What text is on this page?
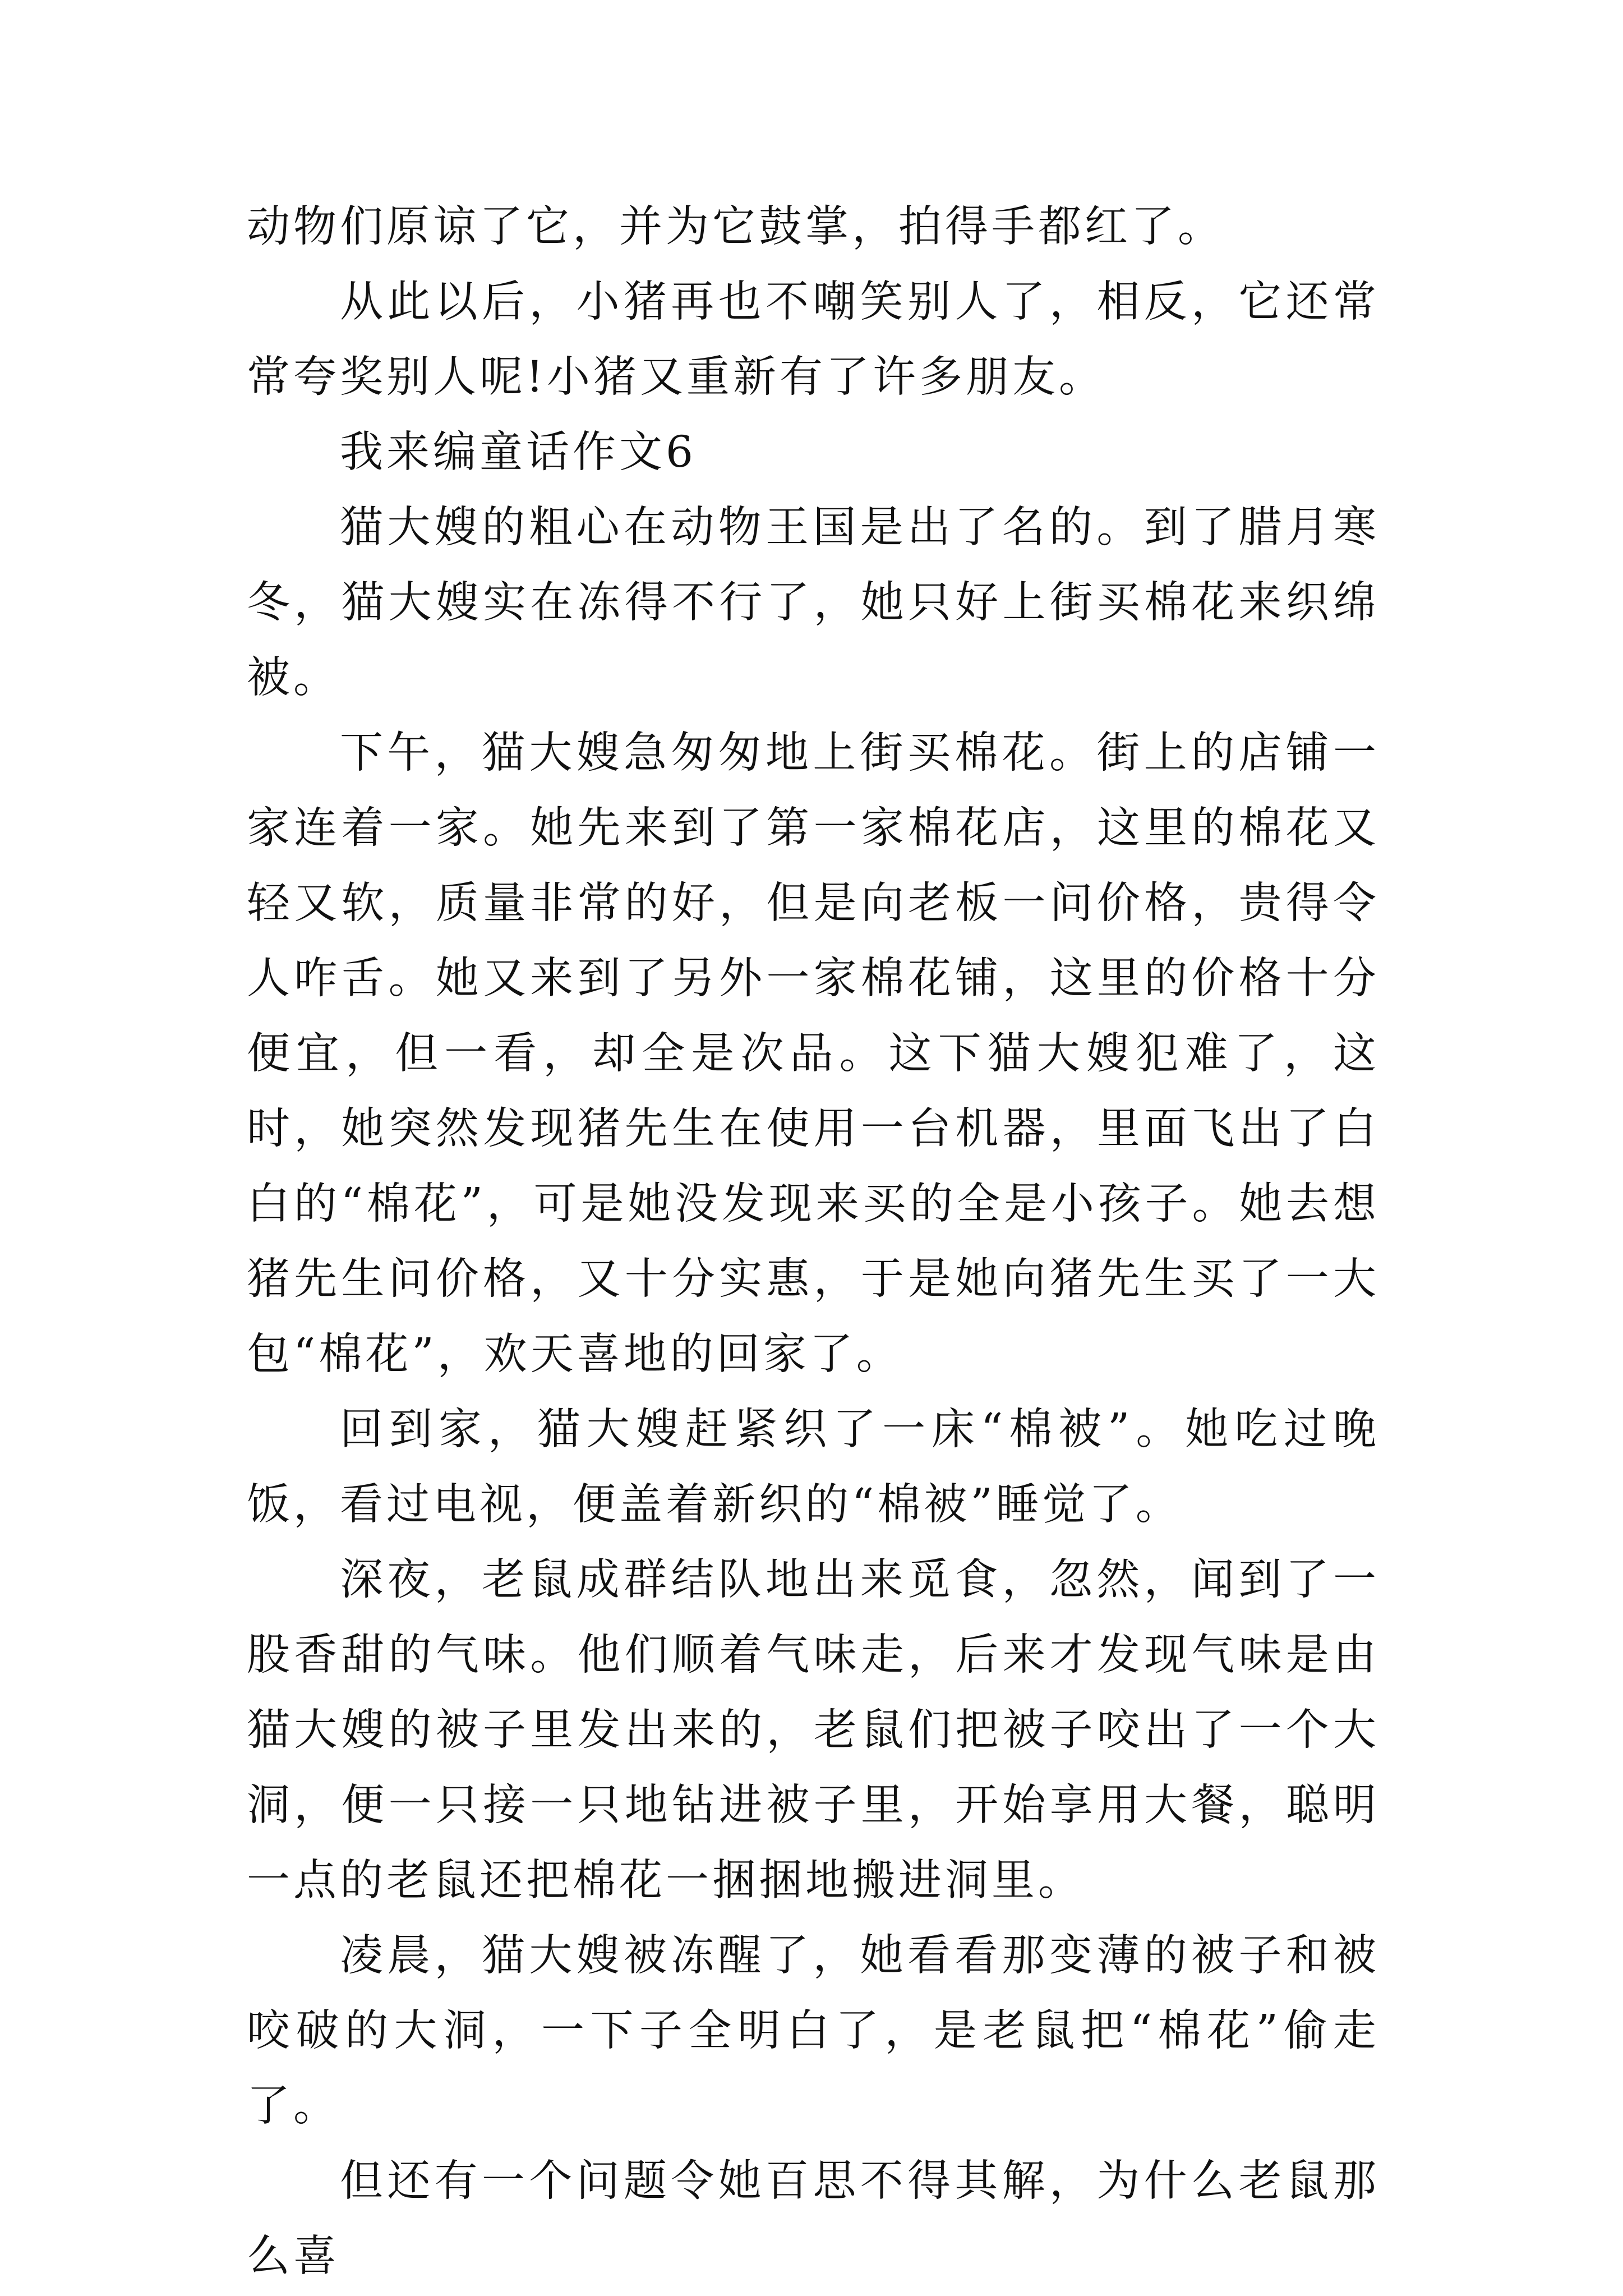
动物们原谅了它，并为它鼓掌，拍得手都红了。

从此以后，小猪再也不嘲笑别人了，相反，它还常常夸奖别人呢!小猪又重新有了许多朋友。

我来编童话作文6

猫大嫂的粗心在动物王国是出了名的。到了腊月寒冬，猫大嫂实在冻得不行了，她只好上街买棉花来织绵被。

下午，猫大嫂急匆匆地上街买棉花。街上的店铺一家连着一家。她先来到了第一家棉花店，这里的棉花又轻又软，质量非常的好，但是向老板一问价格，贵得令人咋舌。她又来到了另外一家棉花铺，这里的价格十分便宜，但一看，却全是次品。这下猫大嫂犯难了，这时，她突然发现猪先生在使用一台机器，里面飞出了白白的“棉花”，可是她没发现来买的全是小孩子。她去想猪先生问价格，又十分实惠，于是她向猪先生买了一大包“棉花”，欢天喜地的回家了。

回到家，猫大嫂赶紧织了一床“棉被”。她吃过晚饭，看过电视，便盖着新织的“棉被”睡觉了。

深夜，老鼠成群结队地出来觅食，忽然，闻到了一股香甜的气味。他们顺着气味走，后来才发现气味是由猫大嫂的被子里发出来的，老鼠们把被子咬出了一个大洞，便一只接一只地钻进被子里，开始享用大餐，聪明一点的老鼠还把棉花一捆捆地搬进洞里。

凌晨，猫大嫂被冻醒了，她看看那变薄的被子和被咬破的大洞，一下子全明白了，是老鼠把“棉花”偷走了。

但还有一个问题令她百思不得其解，为什么老鼠那么喜
